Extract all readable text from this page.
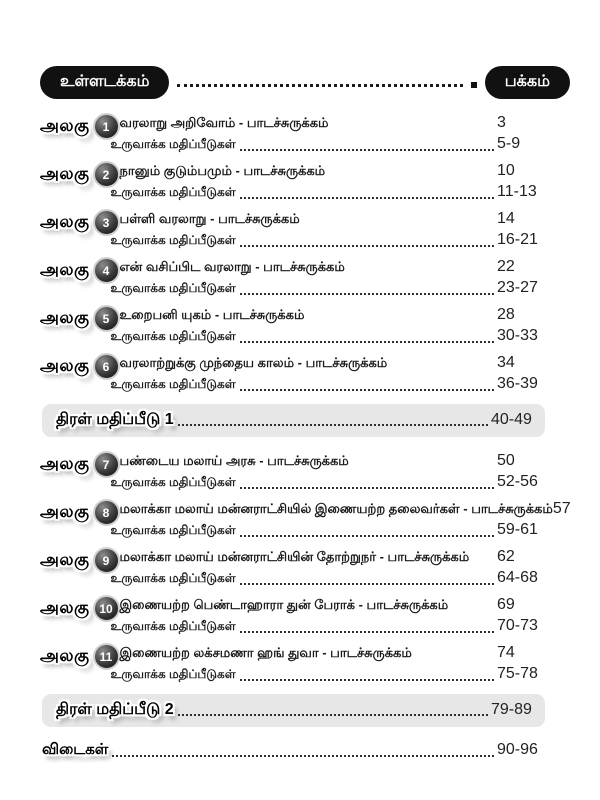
உள்ளடக்கம்	பக்கம்
அலகு	1 வரலாறு அறிவோம் - பாடச்சுருக்கம்	3
உருவாக்க மதிப்பீடுகள்	5-9
அலகு	2 நானும் குடும்பமும் - பாடச்சுருக்கம்	10
உருவாக்க மதிப்பீடுகள்	11-13
அலகு	3 பள்ளி வரலாறு - பாடச்சுருக்கம்	14
உருவாக்க மதிப்பீடுகள்	16-21
அலகு	4 என் வசிப்பிட வரலாறு - பாடச்சுருக்கம்	22
உருவாக்க மதிப்பீடுகள்	23-27
அலகு	5 உறைபனி யுகம் - பாடச்சுருக்கம்	28
உருவாக்க மதிப்பீடுகள்	30-33
அலகு	6 வரலாற்றுக்கு முந்தைய காலம் - பாடச்சுருக்கம்	34
உருவாக்க மதிப்பீடுகள்	36-39
திரள் மதிப்பீடு 1	40-49
அலகு	7 பண்டைய மலாய் அரசு - பாடச்சுருக்கம்	50
உருவாக்க மதிப்பீடுகள்	52-56
அலகு	8 மலாக்கா மலாய் மன்னராட்சியில் இணையற்ற தலைவர்கள் - பாடச்சுருக்கம் 57
உருவாக்க மதிப்பீடுகள்	59-61
அலகு	9 மலாக்கா மலாய் மன்னராட்சியின் தோற்றுநர் - பாடச்சுருக்கம் 62
உருவாக்க மதிப்பீடுகள்	64-68
அலகு 10 இணையற்ற பெண்டாஹாரா துன் பேராக் - பாடச்சுருக்கம்	69
உருவாக்க மதிப்பீடுகள்	70-73
அலகு 11 இணையற்ற லக்சமணா ஹங் துவா - பாடச்சுருக்கம்	74
உருவாக்க மதிப்பீடுகள்	75-78
திரள் மதிப்பீடு 2	79-89
விடைகள்	90-96
